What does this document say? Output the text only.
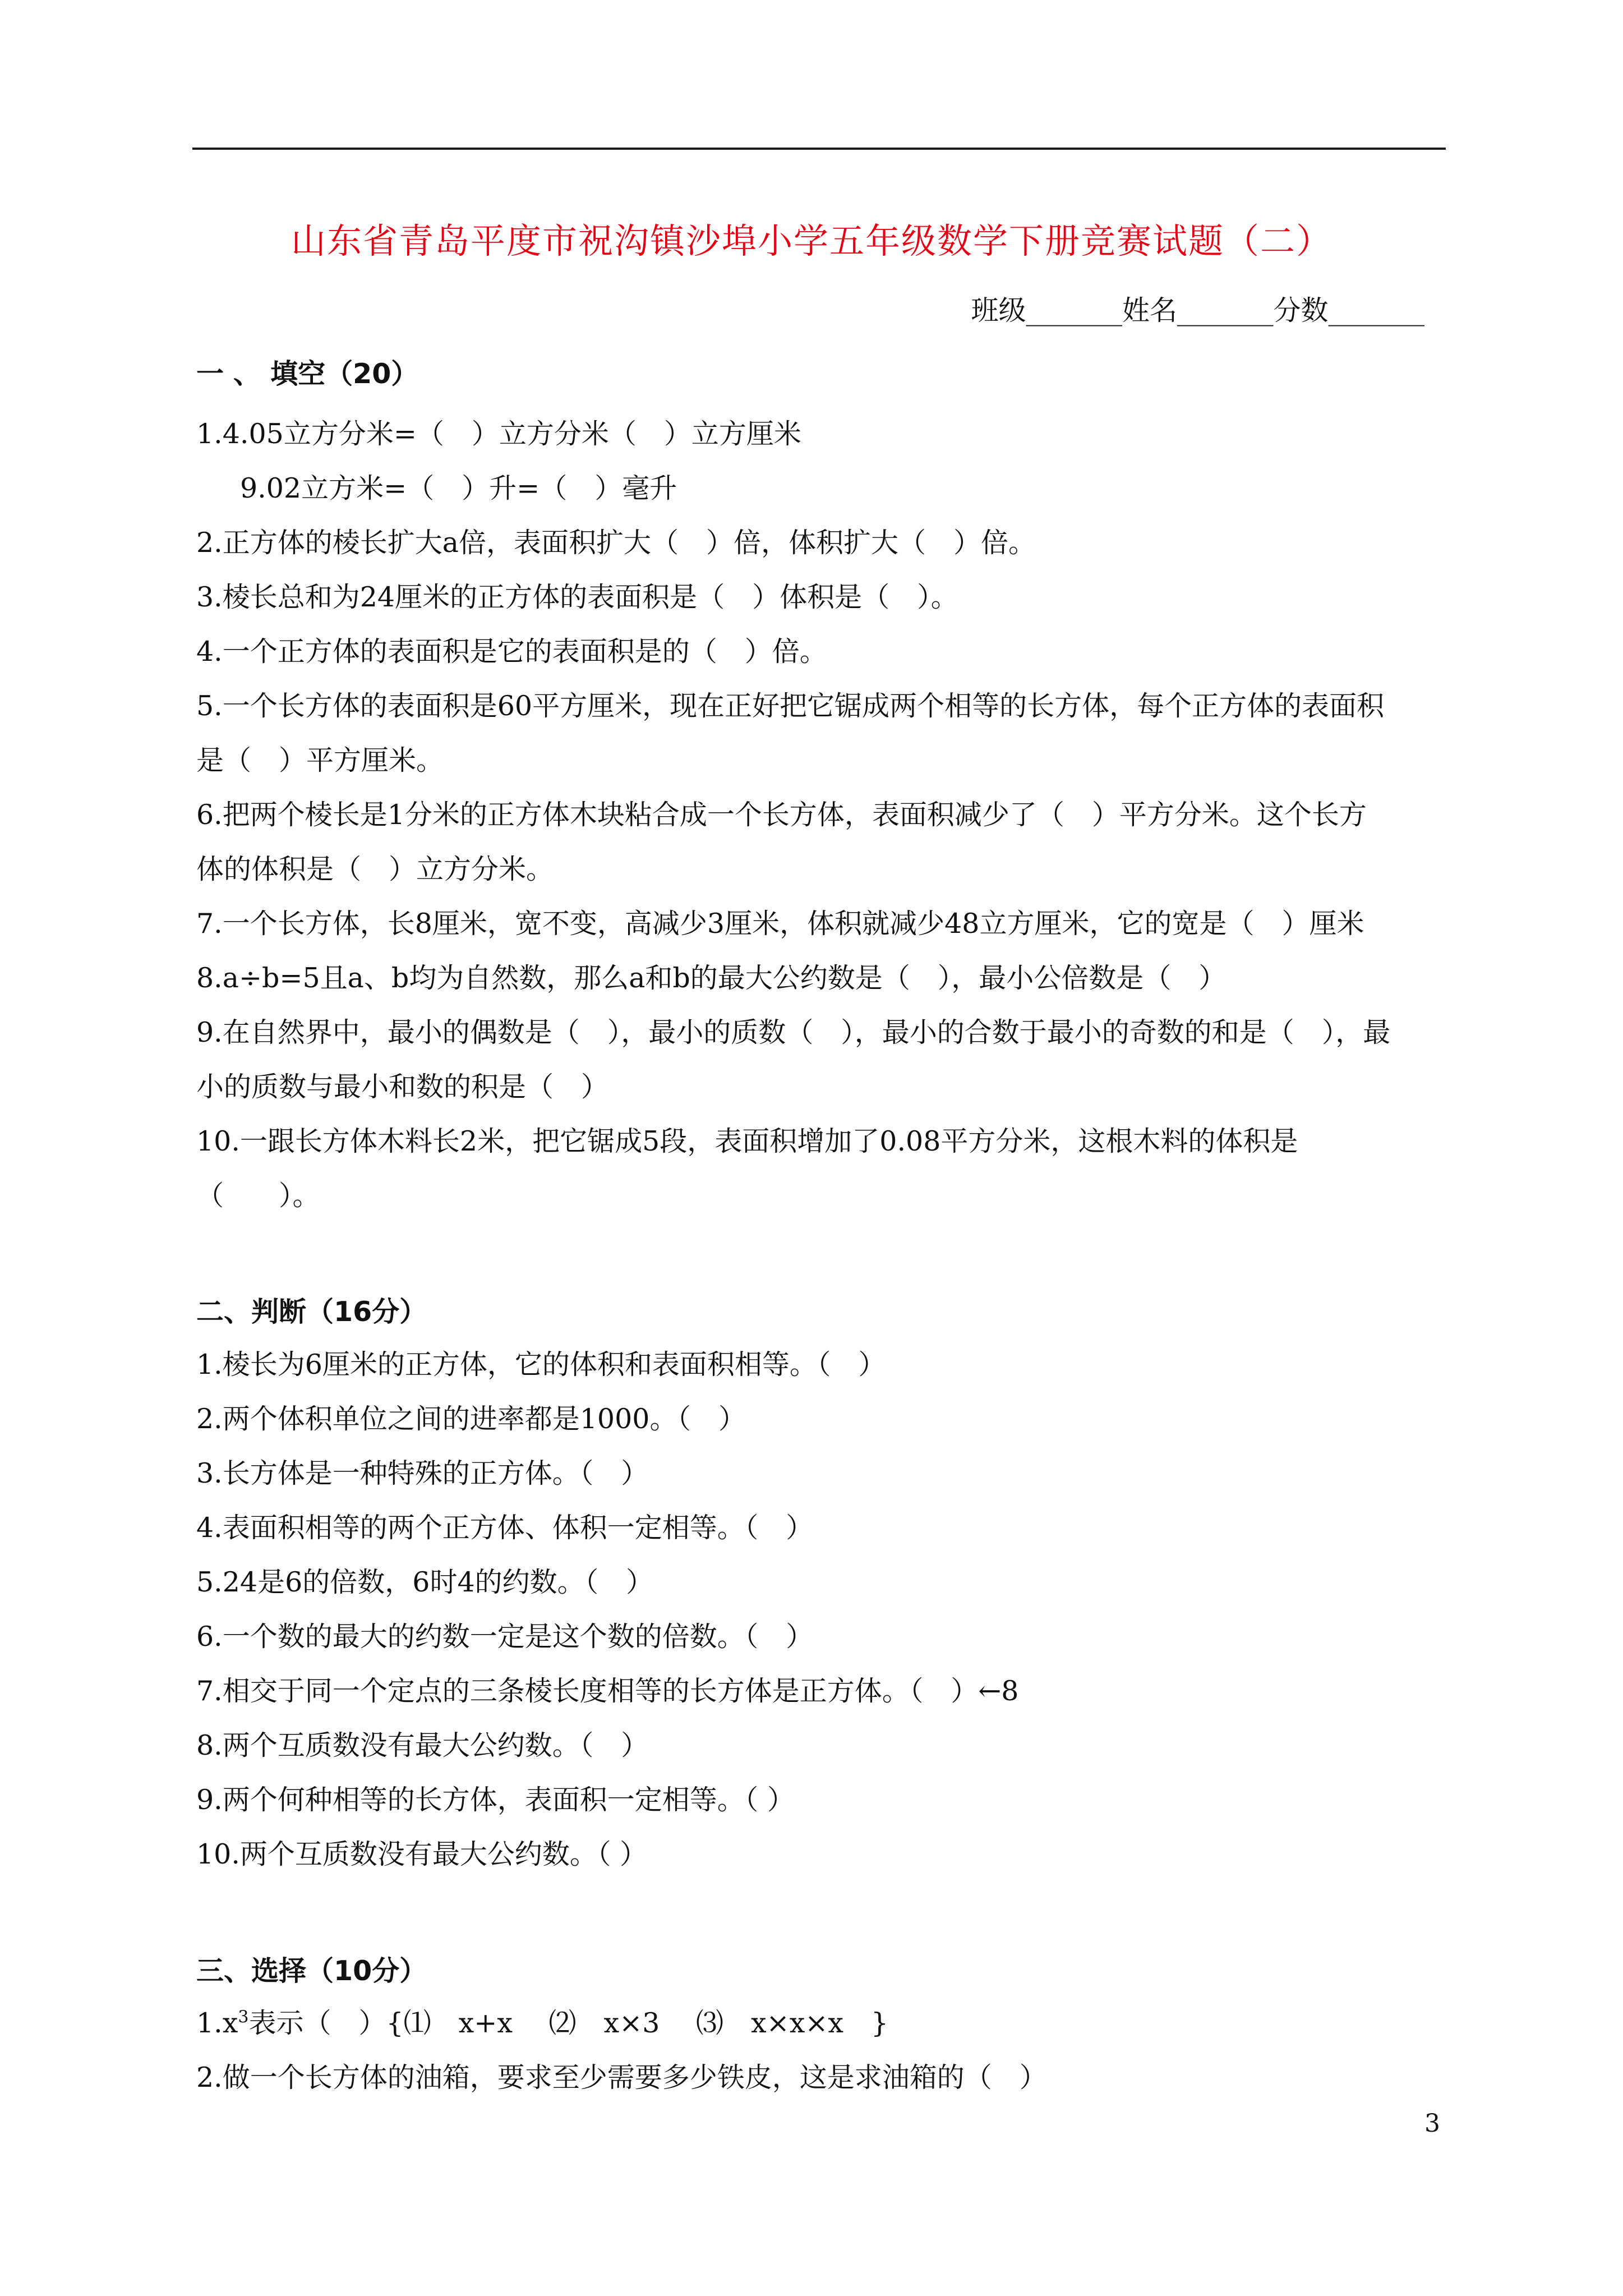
山东省青岛平度市祝沟镇沙埠小学五年级数学下册竞赛试题（二）
班级_______姓名_______分数_______
一 、 填空（20）
1.4.05立方分米=（　）立方分米（　）立方厘米
9.02立方米=（　）升=（　）毫升
2.正方体的棱长扩大a倍，表面积扩大（　）倍，体积扩大（　）倍。
3.棱长总和为24厘米的正方体的表面积是（　）体积是（　）。
4.一个正方体的表面积是它的表面积是的（　）倍。
5.一个长方体的表面积是60平方厘米，现在正好把它锯成两个相等的长方体，每个正方体的表面积
是（　）平方厘米。
6.把两个棱长是1分米的正方体木块粘合成一个长方体，表面积减少了（　）平方分米。这个长方
体的体积是（　）立方分米。
7.一个长方体，长8厘米，宽不变，高减少3厘米，体积就减少48立方厘米，它的宽是（　）厘米
8.a÷b=5且a、b均为自然数，那么a和b的最大公约数是（　），最小公倍数是（　）
9.在自然界中，最小的偶数是（　），最小的质数（　），最小的合数于最小的奇数的和是（　），最
小的质数与最小和数的积是（　）
10.一跟长方体木料长2米，把它锯成5段，表面积增加了0.08平方分米，这根木料的体积是
（　　）。
二、判断（16分）
1.棱长为6厘米的正方体，它的体积和表面积相等。（　）
2.两个体积单位之间的进率都是1000。（　）
3.长方体是一种特殊的正方体。（　）
4.表面积相等的两个正方体、体积一定相等。（　）
5.24是6的倍数，6时4的约数。（　）
6.一个数的最大的约数一定是这个数的倍数。（　）
7.相交于同一个定点的三条棱长度相等的长方体是正方体。（　）←8
8.两个互质数没有最大公约数。（　）
9.两个何种相等的长方体，表面积一定相等。（ ）
10.两个互质数没有最大公约数。（ ）
三、选择（10分）
$1.x^3$表示（　）{⑴　x+x　 ⑵　x×3　 ⑶　x×x×x　}
2.做一个长方体的油箱，要求至少需要多少铁皮，这是求油箱的（　）
3
